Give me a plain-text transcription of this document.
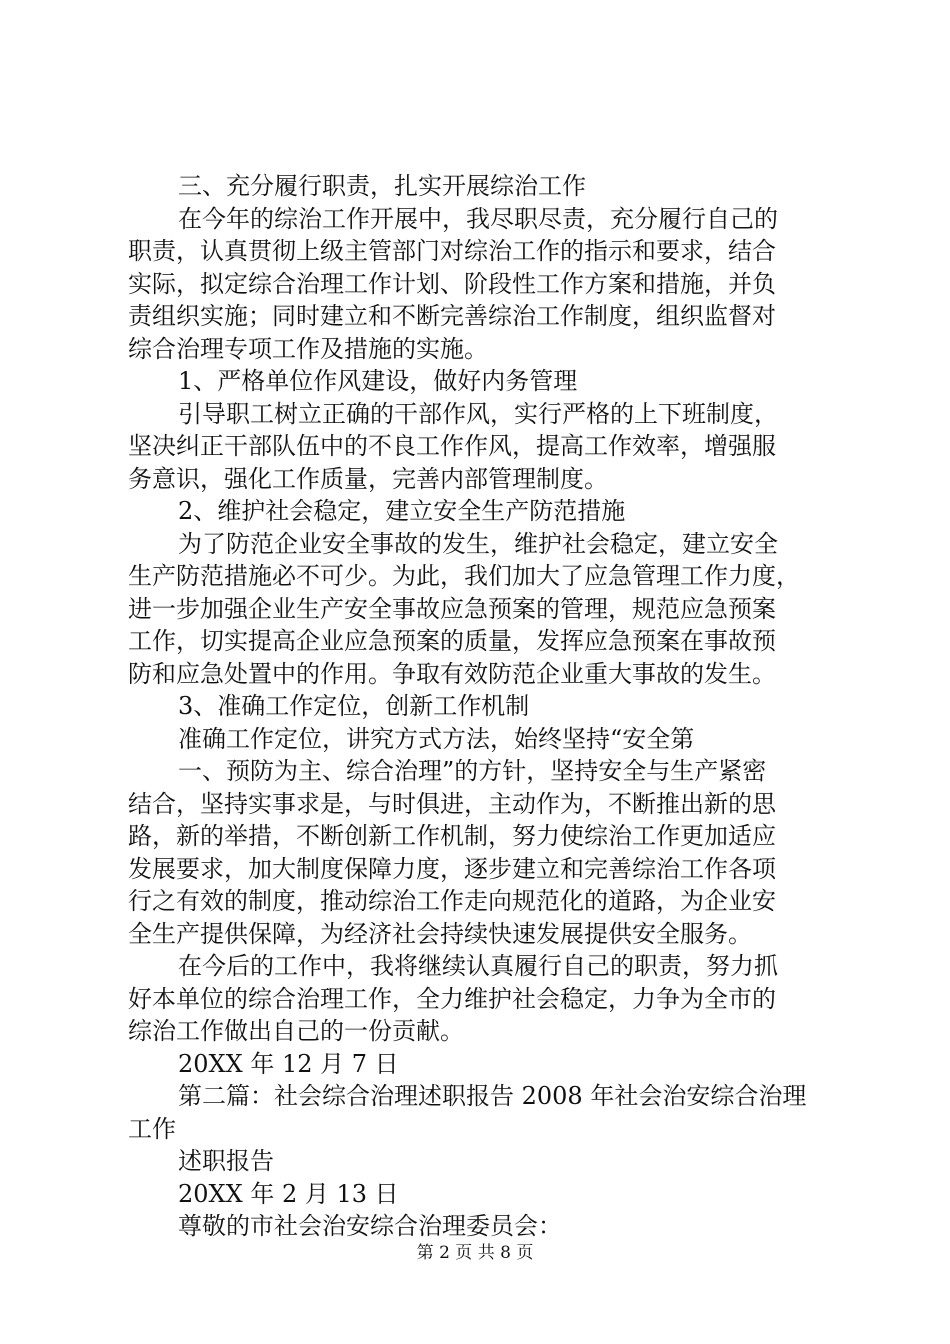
三、充分履行职责，扎实开展综治工作
在今年的综治工作开展中，我尽职尽责，充分履行自己的
职责，认真贯彻上级主管部门对综治工作的指示和要求，结合
实际，拟定综合治理工作计划、阶段性工作方案和措施，并负
责组织实施；同时建立和不断完善综治工作制度，组织监督对
综合治理专项工作及措施的实施。
1、严格单位作风建设，做好内务管理
引导职工树立正确的干部作风，实行严格的上下班制度，
坚决纠正干部队伍中的不良工作作风，提高工作效率，增强服
务意识，强化工作质量，完善内部管理制度。
2、维护社会稳定，建立安全生产防范措施
为了防范企业安全事故的发生，维护社会稳定，建立安全
生产防范措施必不可少。为此，我们加大了应急管理工作力度，
进一步加强企业生产安全事故应急预案的管理，规范应急预案
工作，切实提高企业应急预案的质量，发挥应急预案在事故预
防和应急处置中的作用。争取有效防范企业重大事故的发生。
3、准确工作定位，创新工作机制
准确工作定位，讲究方式方法，始终坚持“安全第
一、预防为主、综合治理”的方针，坚持安全与生产紧密
结合，坚持实事求是，与时俱进，主动作为，不断推出新的思
路，新的举措，不断创新工作机制，努力使综治工作更加适应
发展要求，加大制度保障力度，逐步建立和完善综治工作各项
行之有效的制度，推动综治工作走向规范化的道路，为企业安
全生产提供保障，为经济社会持续快速发展提供安全服务。
在今后的工作中，我将继续认真履行自己的职责，努力抓
好本单位的综合治理工作，全力维护社会稳定，力争为全市的
综治工作做出自己的一份贡献。
20XX 年 12 月 7 日
第二篇：社会综合治理述职报告 2008 年社会治安综合治理
工作
述职报告
20XX 年 2 月 13 日
尊敬的市社会治安综合治理委员会：
第 2 页 共 8 页
